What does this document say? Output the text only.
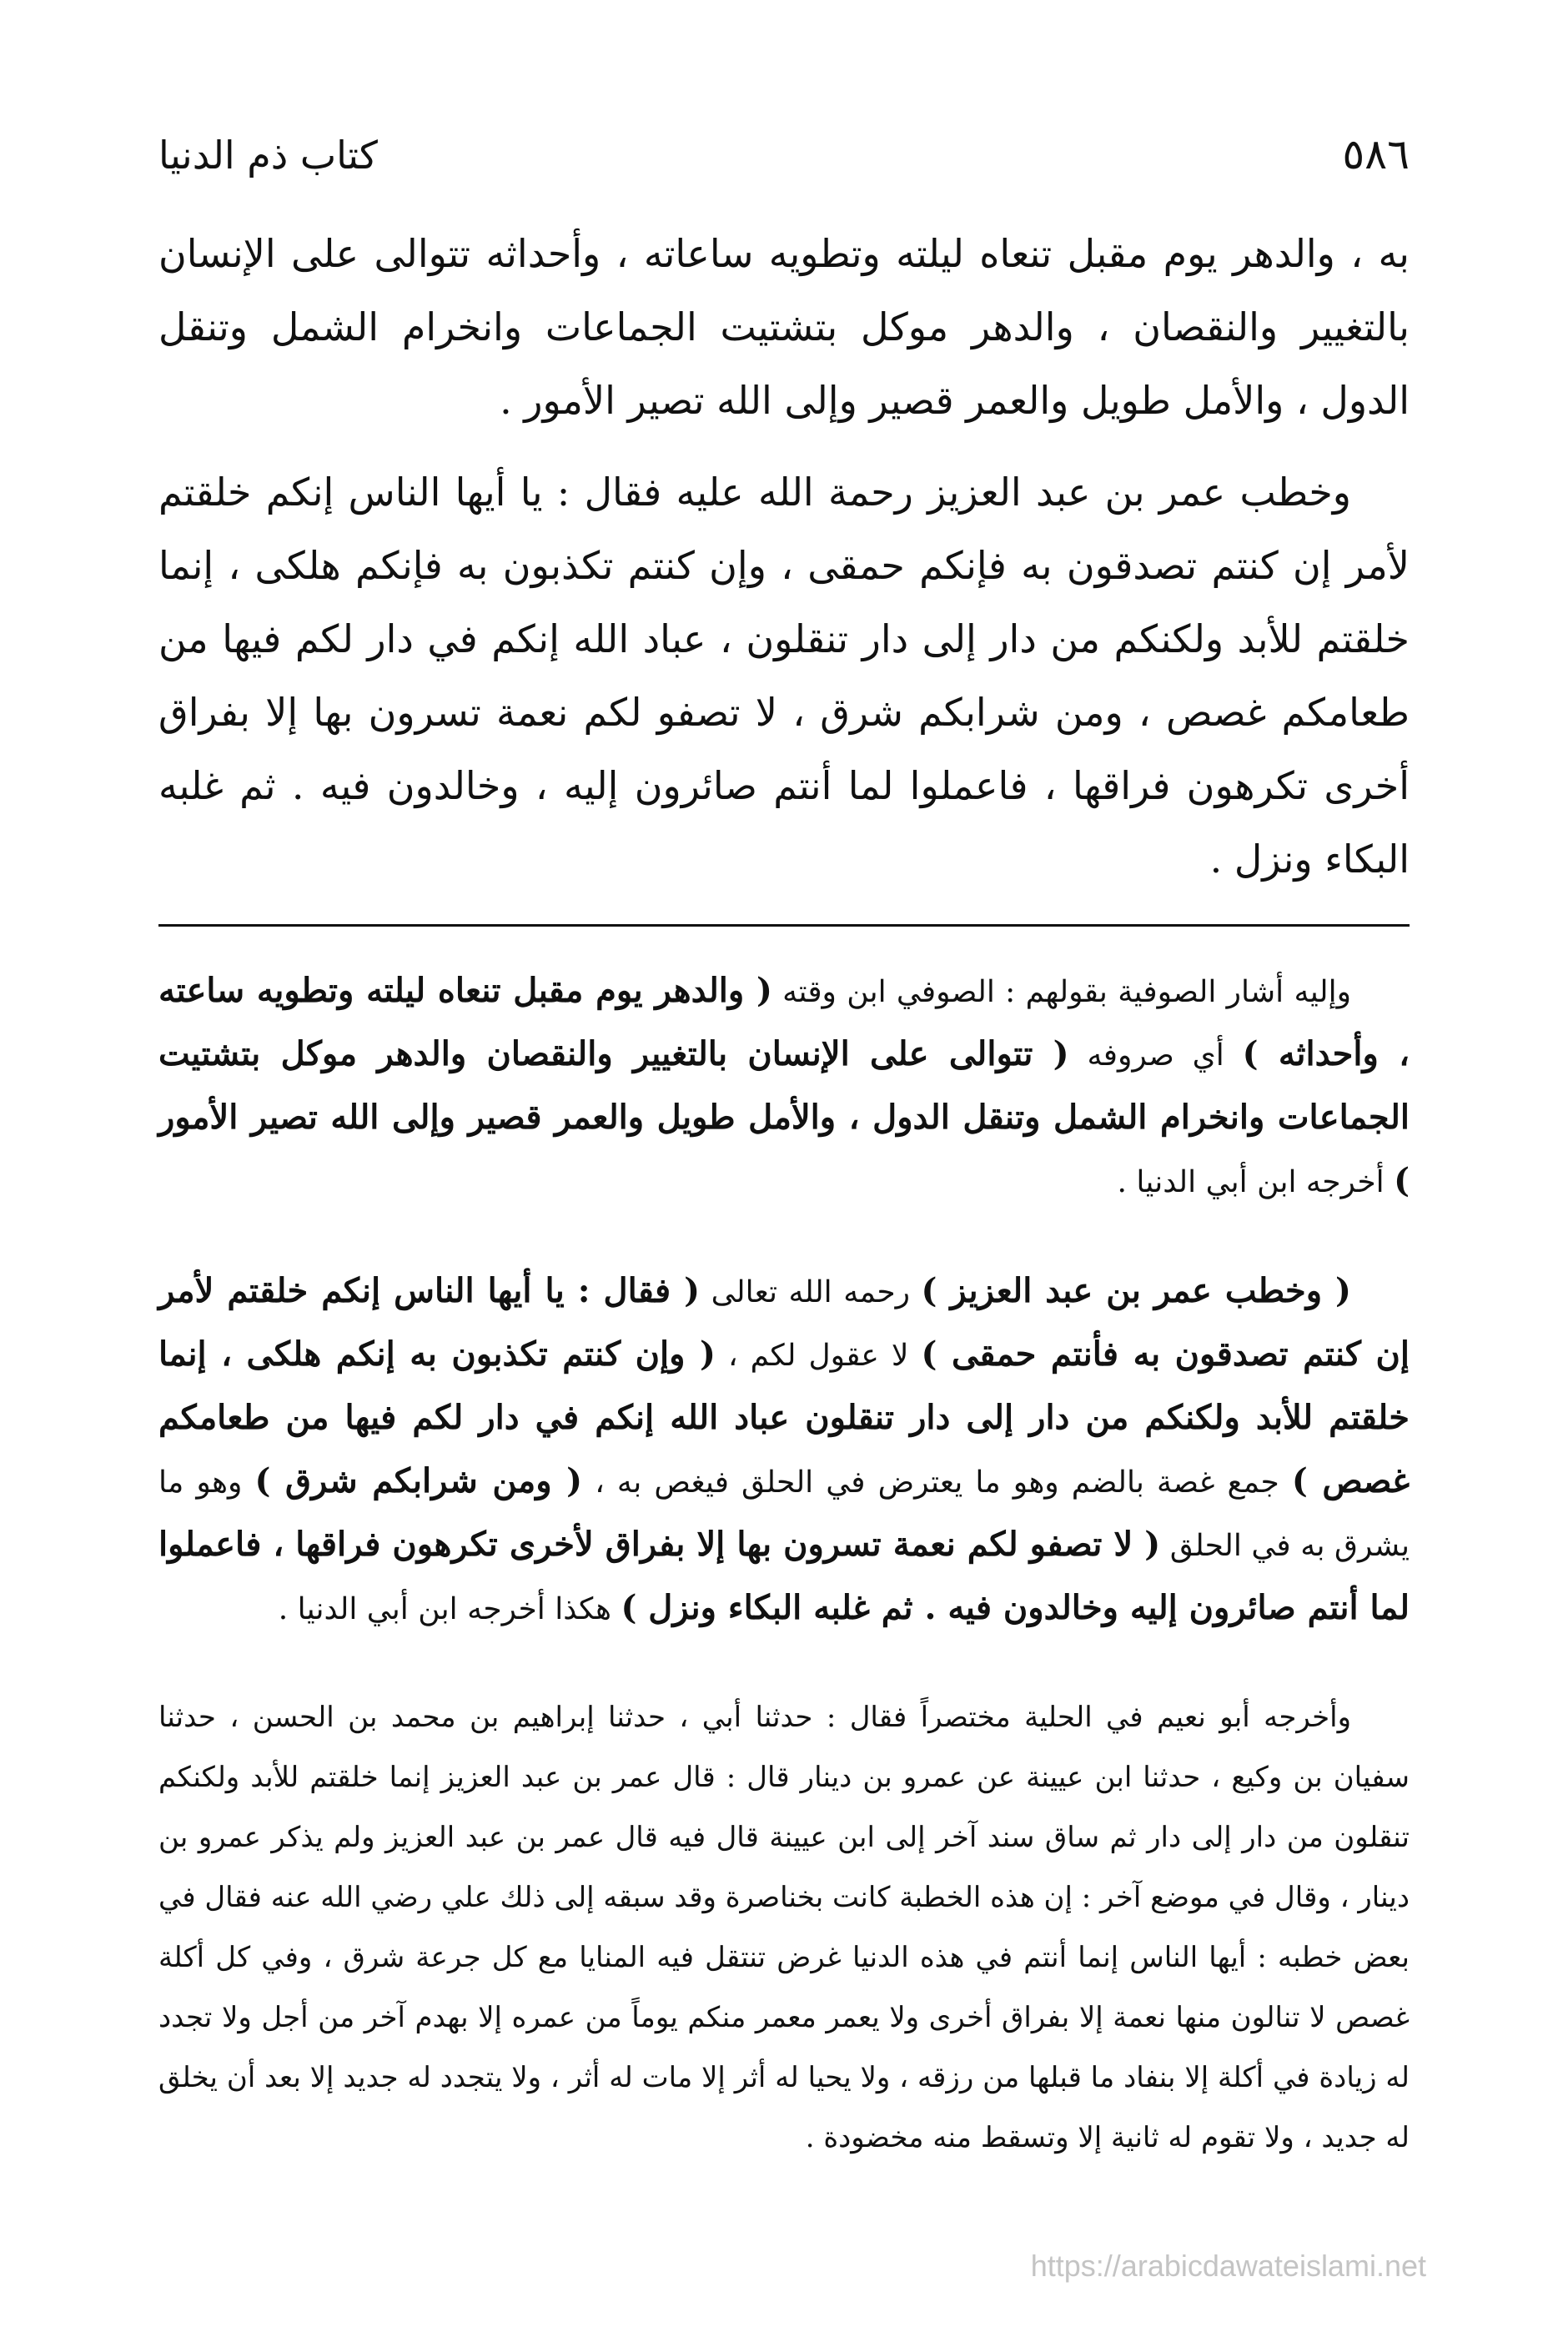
٥٨٦
كتاب ذم الدنيا

به ، والدهر يوم مقبل تنعاه ليلته وتطويه ساعاته ، وأحداثه تتوالى على الإنسان بالتغيير والنقصان ، والدهر موكل بتشتيت الجماعات وانخرام الشمل وتنقل الدول ، والأمل طويل والعمر قصير وإلى الله تصير الأمور .

وخطب عمر بن عبد العزيز رحمة الله عليه فقال : يا أيها الناس إنكم خلقتم لأمر إن كنتم تصدقون به فإنكم حمقى ، وإن كنتم تكذبون به فإنكم هلكى ، إنما خلقتم للأبد ولكنكم من دار إلى دار تنقلون ، عباد الله إنكم في دار لكم فيها من طعامكم غصص ، ومن شرابكم شرق ، لا تصفو لكم نعمة تسرون بها إلا بفراق أخرى تكرهون فراقها ، فاعملوا لما أنتم صائرون إليه ، وخالدون فيه . ثم غلبه البكاء ونزل .

وإليه أشار الصوفية بقولهم : الصوفي ابن وقته ( والدهر يوم مقبل تنعاه ليلته وتطويه ساعته ، وأحداثه ) أي صروفه ( تتوالى على الإنسان بالتغيير والنقصان والدهر موكل بتشتيت الجماعات وانخرام الشمل وتنقل الدول ، والأمل طويل والعمر قصير وإلى الله تصير الأمور ) أخرجه ابن أبي الدنيا .

( وخطب عمر بن عبد العزيز ) رحمه الله تعالى ( فقال : يا أيها الناس إنكم خلقتم لأمر إن كنتم تصدقون به فأنتم حمقى ) لا عقول لكم ، ( وإن كنتم تكذبون به إنكم هلكى ، إنما خلقتم للأبد ولكنكم من دار إلى دار تنقلون عباد الله إنكم في دار لكم فيها من طعامكم غصص ) جمع غصة بالضم وهو ما يعترض في الحلق فيغص به ، ( ومن شرابكم شرق ) وهو ما يشرق به في الحلق ( لا تصفو لكم نعمة تسرون بها إلا بفراق لأخرى تكرهون فراقها ، فاعملوا لما أنتم صائرون إليه وخالدون فيه . ثم غلبه البكاء ونزل ) هكذا أخرجه ابن أبي الدنيا .

وأخرجه أبو نعيم في الحلية مختصراً فقال : حدثنا أبي ، حدثنا إبراهيم بن محمد بن الحسن ، حدثنا سفيان بن وكيع ، حدثنا ابن عيينة عن عمرو بن دينار قال : قال عمر بن عبد العزيز إنما خلقتم للأبد ولكنكم تنقلون من دار إلى دار ثم ساق سند آخر إلى ابن عيينة قال فيه قال عمر بن عبد العزيز ولم يذكر عمرو بن دينار ، وقال في موضع آخر : إن هذه الخطبة كانت بخناصرة وقد سبقه إلى ذلك علي رضي الله عنه فقال في بعض خطبه : أيها الناس إنما أنتم في هذه الدنيا غرض تنتقل فيه المنايا مع كل جرعة شرق ، وفي كل أكلة غصص لا تنالون منها نعمة إلا بفراق أخرى ولا يعمر معمر منكم يوماً من عمره إلا بهدم آخر من أجل ولا تجدد له زيادة في أكلة إلا بنفاد ما قبلها من رزقه ، ولا يحيا له أثر إلا مات له أثر ، ولا يتجدد له جديد إلا بعد أن يخلق له جديد ، ولا تقوم له ثانية إلا وتسقط منه مخضودة .

https://arabicdawateislami.net
